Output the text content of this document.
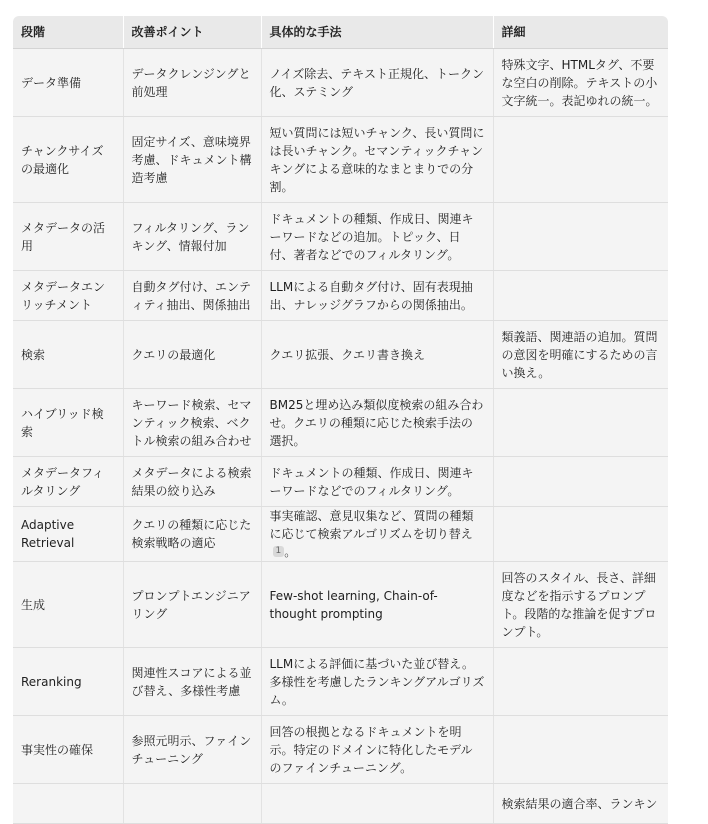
段階	改善ポイント	具体的な手法	詳細
データ準備	データクレンジングと前処理	ノイズ除去、テキスト正規化、トークン化、ステミング	特殊文字、HTMLタグ、不要な空白の削除。テキストの小文字統一。表記ゆれの統一。
チャンクサイズの最適化	固定サイズ、意味境界考慮、ドキュメント構造考慮	短い質問には短いチャンク、長い質問には長いチャンク。セマンティックチャンキングによる意味的なまとまりでの分割。	
メタデータの活用	フィルタリング、ランキング、情報付加	ドキュメントの種類、作成日、関連キーワードなどの追加。トピック、日付、著者などでのフィルタリング。	
メタデータエンリッチメント	自動タグ付け、エンティティ抽出、関係抽出	LLMによる自動タグ付け、固有表現抽出、ナレッジグラフからの関係抽出。	
検索	クエリの最適化	クエリ拡張、クエリ書き換え	類義語、関連語の追加。質問の意図を明確にするための言い換え。
ハイブリッド検索	キーワード検索、セマンティック検索、ベクトル検索の組み合わせ	BM25と埋め込み類似度検索の組み合わせ。クエリの種類に応じた検索手法の選択。	
メタデータフィルタリング	メタデータによる検索結果の絞り込み	ドキュメントの種類、作成日、関連キーワードなどでのフィルタリング。	
Adaptive Retrieval	クエリの種類に応じた検索戦略の適応	事実確認、意見収集など、質問の種類に応じて検索アルゴリズムを切り替え1 。	
生成	プロンプトエンジニアリング	Few-shot learning, Chain-of-thought prompting	回答のスタイル、長さ、詳細度などを指示するプロンプト。段階的な推論を促すプロンプト。
Reranking	関連性スコアによる並び替え、多様性考慮	LLMによる評価に基づいた並び替え。多様性を考慮したランキングアルゴリズム。	
事実性の確保	参照元明示、ファインチューニング	回答の根拠となるドキュメントを明示。特定のドメインに特化したモデルのファインチューニング。	
			検索結果の適合率、ランキン
